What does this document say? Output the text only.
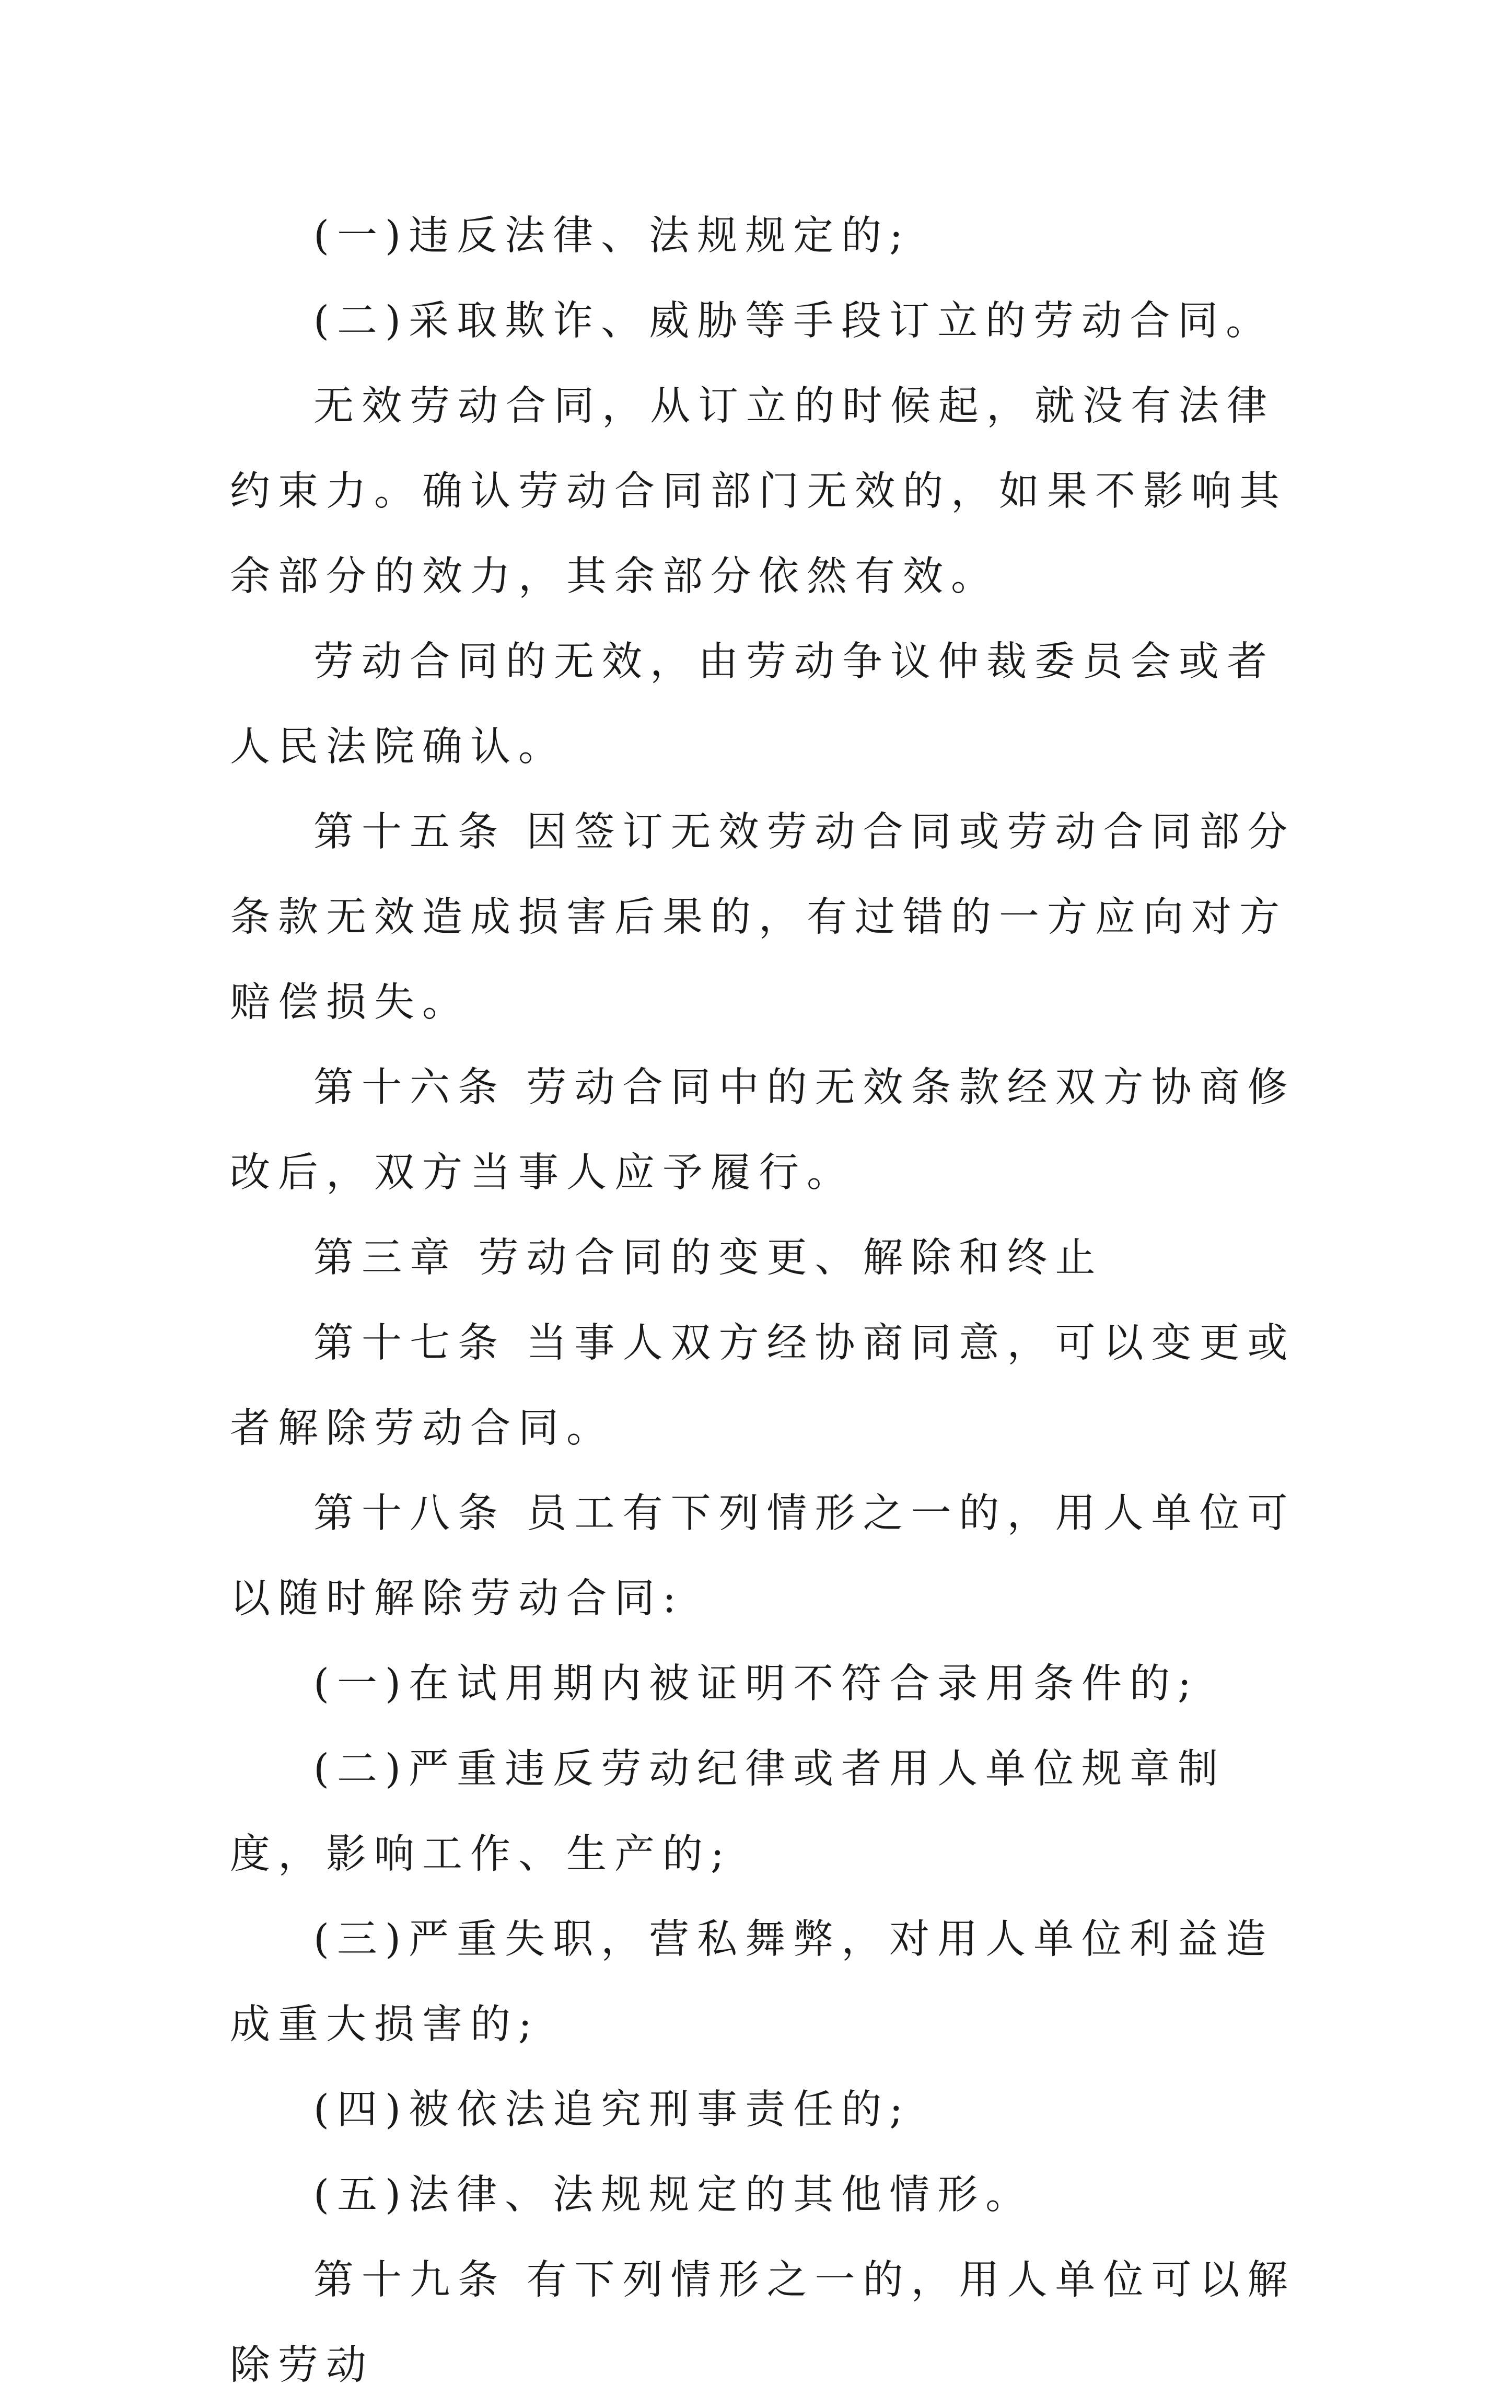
(一)违反法律、法规规定的;

(二)采取欺诈、威胁等手段订立的劳动合同。

无效劳动合同，从订立的时候起，就没有法律约束力。确认劳动合同部门无效的，如果不影响其余部分的效力，其余部分依然有效。

劳动合同的无效，由劳动争议仲裁委员会或者人民法院确认。

第十五条 因签订无效劳动合同或劳动合同部分条款无效造成损害后果的，有过错的一方应向对方赔偿损失。

第十六条 劳动合同中的无效条款经双方协商修改后，双方当事人应予履行。

第三章 劳动合同的变更、解除和终止

第十七条 当事人双方经协商同意，可以变更或者解除劳动合同。

第十八条 员工有下列情形之一的，用人单位可以随时解除劳动合同:

(一)在试用期内被证明不符合录用条件的;

(二)严重违反劳动纪律或者用人单位规章制度，影响工作、生产的;

(三)严重失职，营私舞弊，对用人单位利益造成重大损害的;

(四)被依法追究刑事责任的;

(五)法律、法规规定的其他情形。

第十九条 有下列情形之一的，用人单位可以解除劳动
